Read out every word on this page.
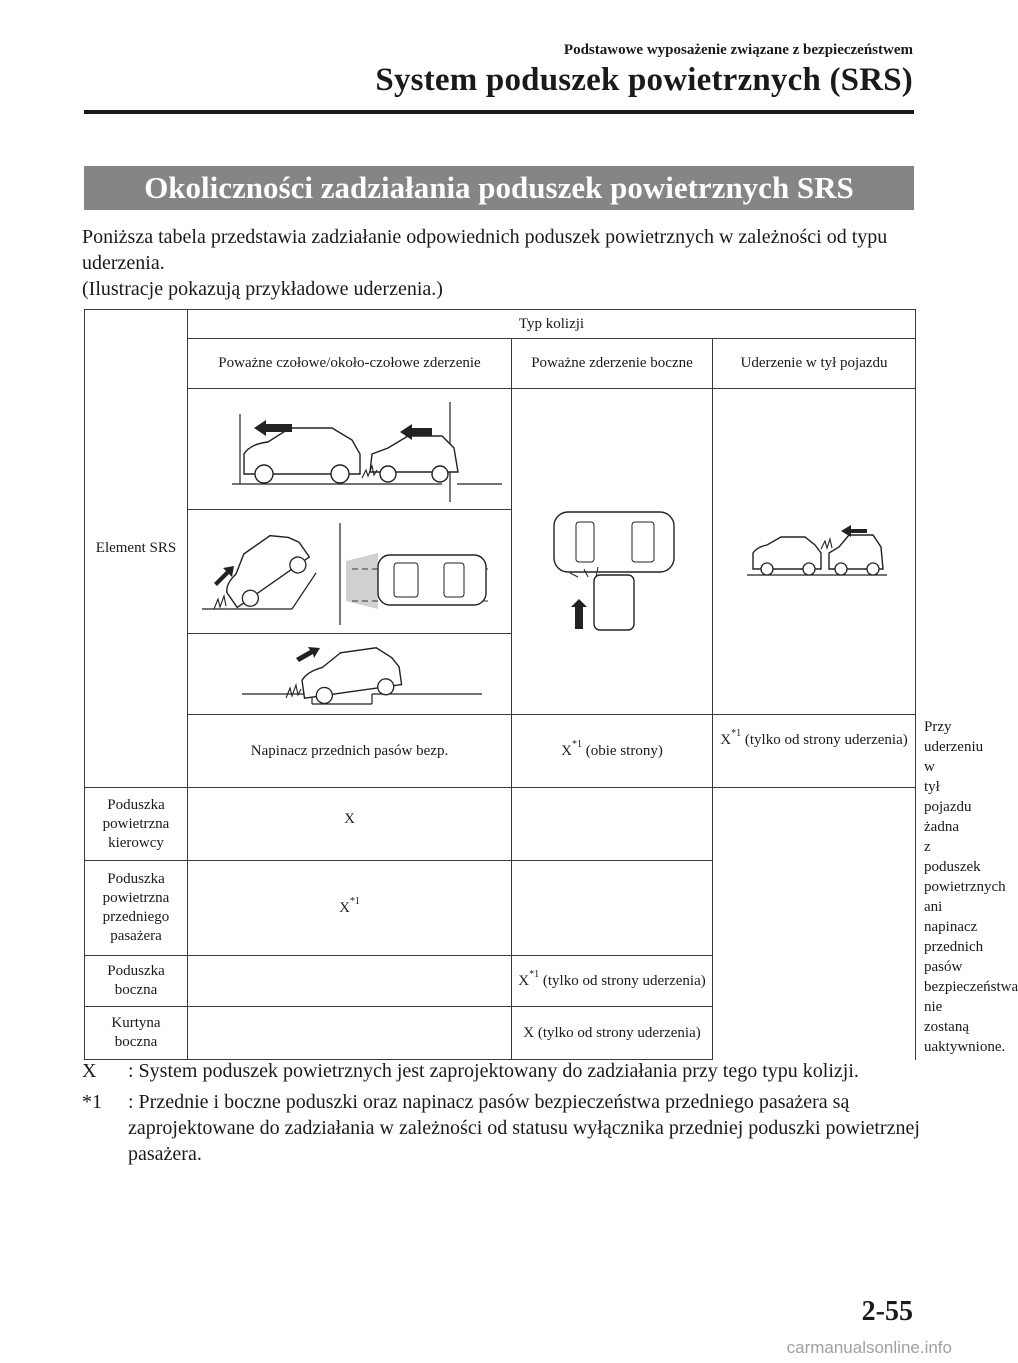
Podstawowe wyposażenie związane z bezpieczeństwem
System poduszek powietrznych (SRS)
Okoliczności zadziałania poduszek powietrznych SRS

Poniższa tabela przedstawia zadziałanie odpowiednich poduszek powietrznych w zależności od typu uderzenia.

(Ilustracje pokazują przykładowe uderzenia.)

Element SRS	Typ kolizji			
	Poważne czołowe/około-czołowe zderzenie	Poważne zderzenie boczne	Uderzenie w tył pojazdu	

	Napinacz przednich pasów bezp.	$X^{*1}$ (obie strony)	$X^{*1}$ (tylko od strony uderzenia)	Przy uderzeniu w tył pojazdu żadna z poduszek powietrznych ani napinacz przednich pasów bezpieczeństwa nie zostaną uaktywnione.
Poduszka powietrzna kierowcy	X			
Poduszka powietrzna przedniego pasażera	$X^{*1}$	
Poduszka boczna		$X^{*1}$ (tylko od strony uderzenia)		
Kurtyna boczna		X (tylko od strony uderzenia)		
X	: System poduszek powietrznych jest zaprojektowany do zadziałania przy tego typu kolizji.
*1	: Przednie i boczne poduszki oraz napinacz pasów bezpieczeństwa przedniego pasażera są zaprojektowane do zadziałania w zależności od statusu wyłącznika przedniej poduszki powietrznej pasażera.
2-55
carmanualsonline.info
